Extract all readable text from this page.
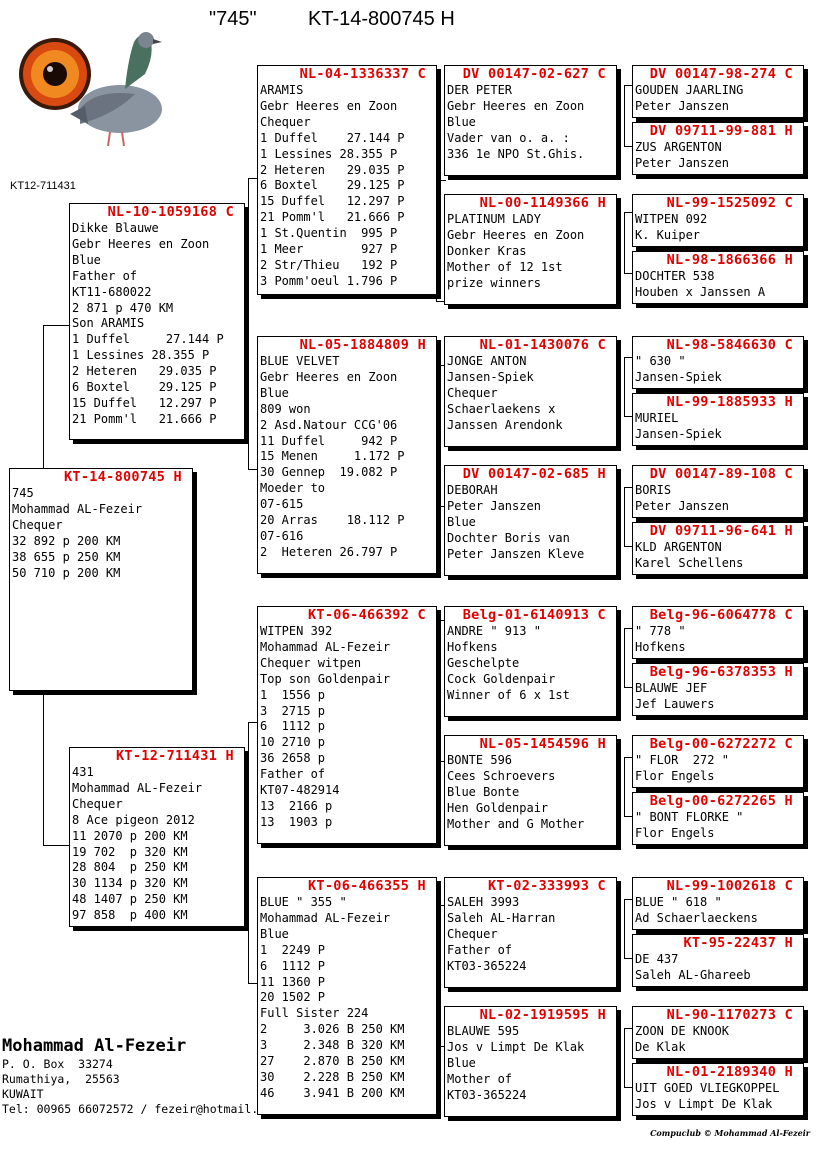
"745"	KT-14-800745 H
KT12-711431
KT-14-800745 H
745
Mohammad AL-Fezeir
Chequer
32 892 p 200 KM
38 655 p 250 KM
50 710 p 200 KM
NL-10-1059168 C
Dikke Blauwe
Gebr Heeres en Zoon
Blue
Father of
KT11-680022
2 871 p 470 KM
Son ARAMIS
1 Duffel     27.144 P
1 Lessines 28.355 P
2 Heteren   29.035 P
6 Boxtel    29.125 P
15 Duffel   12.297 P
21 Pomm'l   21.666 P
KT-12-711431 H
431
Mohammad AL-Fezeir
Chequer
8 Ace pigeon 2012
11 2070 p 200 KM
19 702  p 320 KM
28 804  p 250 KM
30 1134 p 320 KM
48 1407 p 250 KM
97 858  p 400 KM
NL-04-1336337 C
ARAMIS
Gebr Heeres en Zoon
Chequer
1 Duffel    27.144 P
1 Lessines 28.355 P
2 Heteren   29.035 P
6 Boxtel    29.125 P
15 Duffel   12.297 P
21 Pomm'l   21.666 P
1 St.Quentin  995 P
1 Meer        927 P
2 Str/Thieu   192 P
3 Pomm'oeul 1.796 P
NL-05-1884809 H
BLUE VELVET
Gebr Heeres en Zoon
Blue
809 won
2 Asd.Natour CCG'06
11 Duffel     942 P
15 Menen     1.172 P
30 Gennep  19.082 P
Moeder to
07-615
20 Arras    18.112 P
07-616
2  Heteren 26.797 P
KT-06-466392 C
WITPEN 392
Mohammad AL-Fezeir
Chequer witpen
Top son Goldenpair
1  1556 p
3  2715 p
6  1112 p
10 2710 p
36 2658 p
Father of
KT07-482914
13  2166 p
13  1903 p
KT-06-466355 H
BLUE " 355 "
Mohammad AL-Fezeir
Blue
1  2249 P
6  1112 P
11 1360 P
20 1502 P
Full Sister 224
2     3.026 B 250 KM
3     2.348 B 320 KM
27    2.870 B 250 KM
30    2.228 B 250 KM
46    3.941 B 200 KM
DV 00147-02-627 C
DER PETER
Gebr Heeres en Zoon
Blue
Vader van o. a. :
336 1e NPO St.Ghis.
NL-00-1149366 H
PLATINUM LADY
Gebr Heeres en Zoon
Donker Kras
Mother of 12 1st
prize winners
NL-01-1430076 C
JONGE ANTON
Jansen-Spiek
Chequer
Schaerlaekens x
Janssen Arendonk
DV 00147-02-685 H
DEBORAH
Peter Janszen
Blue
Dochter Boris van
Peter Janszen Kleve
Belg-01-6140913 C
ANDRE " 913 "
Hofkens
Geschelpte
Cock Goldenpair
Winner of 6 x 1st
NL-05-1454596 H
BONTE 596
Cees Schroevers
Blue Bonte
Hen Goldenpair
Mother and G Mother
KT-02-333993 C
SALEH 3993
Saleh AL-Harran
Chequer
Father of
KT03-365224
NL-02-1919595 H
BLAUWE 595
Jos v Limpt De Klak
Blue
Mother of
KT03-365224
DV 00147-98-274 C
GOUDEN JAARLING
Peter Janszen
DV 09711-99-881 H
ZUS ARGENTON
Peter Janszen
NL-99-1525092 C
WITPEN 092
K. Kuiper
NL-98-1866366 H
DOCHTER 538
Houben x Janssen A
NL-98-5846630 C
" 630 "
Jansen-Spiek
NL-99-1885933 H
MURIEL
Jansen-Spiek
DV 00147-89-108 C
BORIS
Peter Janszen
DV 09711-96-641 H
KLD ARGENTON
Karel Schellens
Belg-96-6064778 C
" 778 "
Hofkens
Belg-96-6378353 H
BLAUWE JEF
Jef Lauwers
Belg-00-6272272 C
" FLOR  272 "
Flor Engels
Belg-00-6272265 H
" BONT FLORKE "
Flor Engels
NL-99-1002618 C
BLUE " 618 "
Ad Schaerlaeckens
KT-95-22437 H
DE 437
Saleh AL-Ghareeb
NL-90-1170273 C
ZOON DE KNOOK
De Klak
NL-01-2189340 H
UIT GOED VLIEGKOPPEL
Jos v Limpt De Klak
Mohammad Al-Fezeir
P. O. Box  33274
Rumathiya,  25563
KUWAIT
Tel: 00965 66072572 / fezeir@hotmail.
Compuclub © Mohammad Al-Fezeir
